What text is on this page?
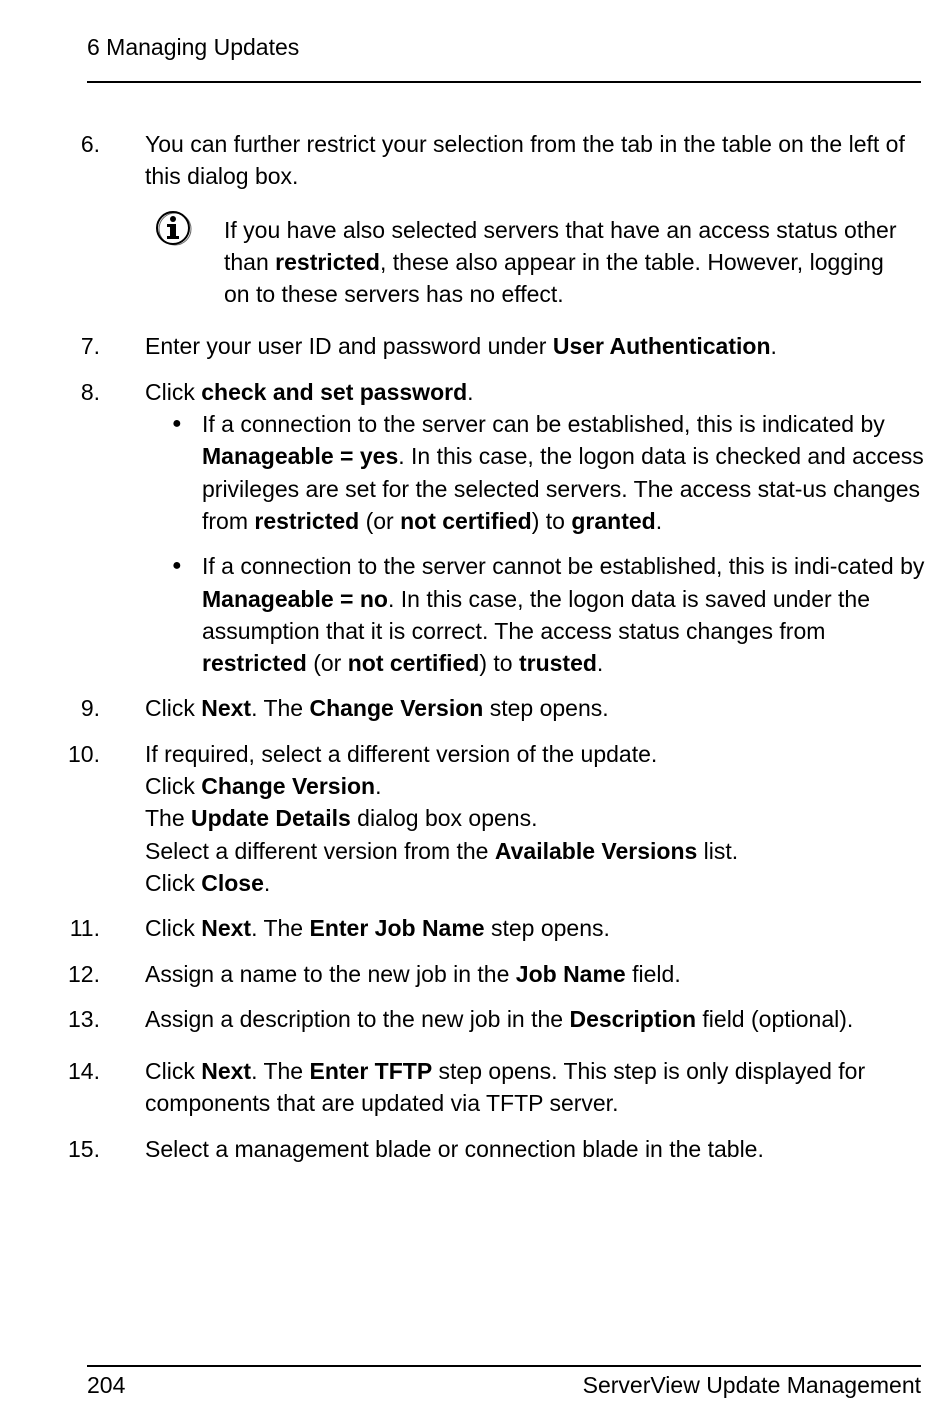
6 Managing Updates
6. You can further restrict your selection from the tab in the table on the left of this dialog box.
If you have also selected servers that have an access status other than restricted, these also appear in the table. However, logging on to these servers has no effect.
7. Enter your user ID and password under User Authentication.
8. Click check and set password.
● If a connection to the server can be established, this is indicated by Manageable = yes. In this case, the logon data is checked and access privileges are set for the selected servers. The access stat-us changes from restricted (or not certified) to granted.
● If a connection to the server cannot be established, this is indi-cated by Manageable = no. In this case, the logon data is saved under the assumption that it is correct. The access status changes from restricted (or not certified) to trusted.
9. Click Next. The Change Version step opens.
10. If required, select a different version of the update.
Click Change Version.
The Update Details dialog box opens.
Select a different version from the Available Versions list.
Click Close.
11. Click Next. The Enter Job Name step opens.
12. Assign a name to the new job in the Job Name field.
13. Assign a description to the new job in the Description field (optional).
14. Click Next. The Enter TFTP step opens. This step is only displayed for components that are updated via TFTP server.
15. Select a management blade or connection blade in the table.
204	ServerView Update Management
